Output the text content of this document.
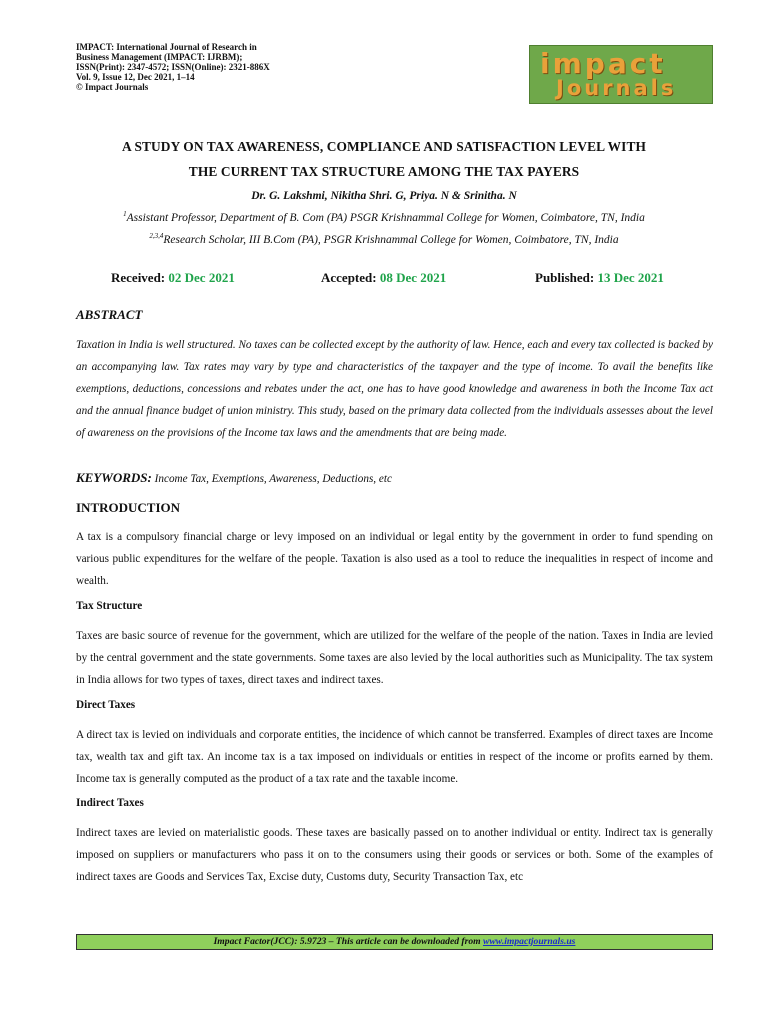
IMPACT: International Journal of Research in
Business Management (IMPACT: IJRBM);
ISSN(Print): 2347-4572; ISSN(Online): 2321-886X
Vol. 9, Issue 12, Dec 2021, 1–14
© Impact Journals
impact
Journals
A STUDY ON TAX AWARENESS, COMPLIANCE AND SATISFACTION LEVEL WITH
THE CURRENT TAX STRUCTURE AMONG THE TAX PAYERS
Dr. G. Lakshmi, Nikitha Shri. G, Priya. N & Srinitha. N
$^1$Assistant Professor, Department of B. Com (PA) PSGR Krishnammal College for Women, Coimbatore, TN, India
$^{2,3,4}$Research Scholar, III B.Com (PA), PSGR Krishnammal College for Women, Coimbatore, TN, India
Received: 02 Dec 2021	Accepted: 08 Dec 2021	Published: 13 Dec 2021
ABSTRACT
Taxation in India is well structured. No taxes can be collected except by the authority of law. Hence, each and every tax collected is backed by an accompanying law. Tax rates may vary by type and characteristics of the taxpayer and the type of income. To avail the benefits like exemptions, deductions, concessions and rebates under the act, one has to have good knowledge and awareness in both the Income Tax act and the annual finance budget of union ministry. This study, based on the primary data collected from the individuals assesses about the level of awareness on the provisions of the Income tax laws and the amendments that are being made.
KEYWORDS: Income Tax, Exemptions, Awareness, Deductions, etc
INTRODUCTION
A tax is a compulsory financial charge or levy imposed on an individual or legal entity by the government in order to fund spending on various public expenditures for the welfare of the people. Taxation is also used as a tool to reduce the inequalities in respect of income and wealth.
Tax Structure
Taxes are basic source of revenue for the government, which are utilized for the welfare of the people of the nation. Taxes in India are levied by the central government and the state governments. Some taxes are also levied by the local authorities such as Municipality. The tax system in India allows for two types of taxes, direct taxes and indirect taxes.
Direct Taxes
A direct tax is levied on individuals and corporate entities, the incidence of which cannot be transferred. Examples of direct taxes are Income tax, wealth tax and gift tax. An income tax is a tax imposed on individuals or entities in respect of the income or profits earned by them. Income tax is generally computed as the product of a tax rate and the taxable income.
Indirect Taxes
Indirect taxes are levied on materialistic goods. These taxes are basically passed on to another individual or entity. Indirect tax is generally imposed on suppliers or manufacturers who pass it on to the consumers using their goods or services or both. Some of the examples of indirect taxes are Goods and Services Tax, Excise duty, Customs duty, Security Transaction Tax, etc
Impact Factor(JCC): 5.9723 – This article can be downloaded from www.impactjournals.us
